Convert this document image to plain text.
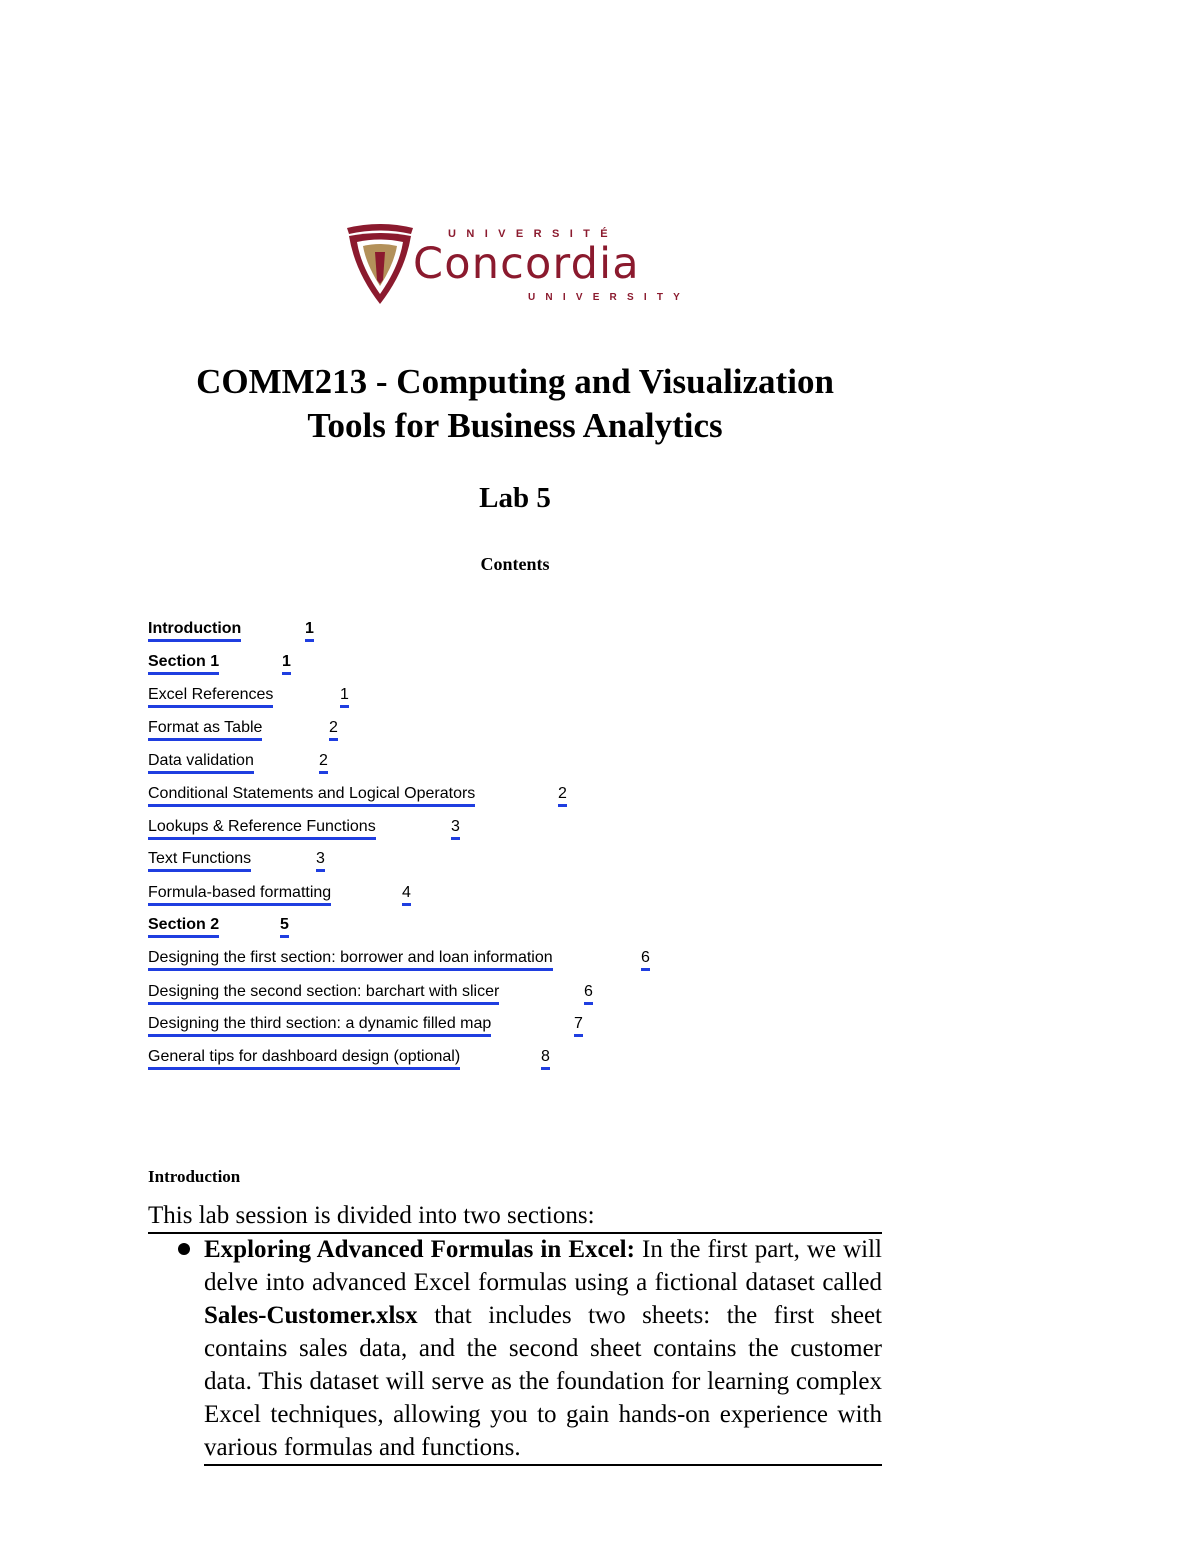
UNIVERSITÉ
Concordia
UNIVERSITY
COMM213 - Computing and Visualization
Tools for Business Analytics
Lab 5
Contents
Introduction	1
Section 1	1
Excel References	1
Format as Table	2
Data validation	2
Conditional Statements and Logical Operators	2
Lookups & Reference Functions	3
Text Functions	3
Formula-based formatting	4
Section 2	5
Designing the first section: borrower and loan information	6
Designing the second section: barchart with slicer	6
Designing the third section: a dynamic filled map	7
General tips for dashboard design (optional)	8
Introduction
This lab session is divided into two sections:
Exploring Advanced Formulas in Excel: In the first part, we will delve into advanced Excel formulas using a fictional dataset called Sales-Customer.xlsx that includes two sheets: the first sheet contains sales data, and the second sheet contains the customer data. This dataset will serve as the foundation for learning complex Excel techniques, allowing you to gain hands-on experience with various formulas and functions.
